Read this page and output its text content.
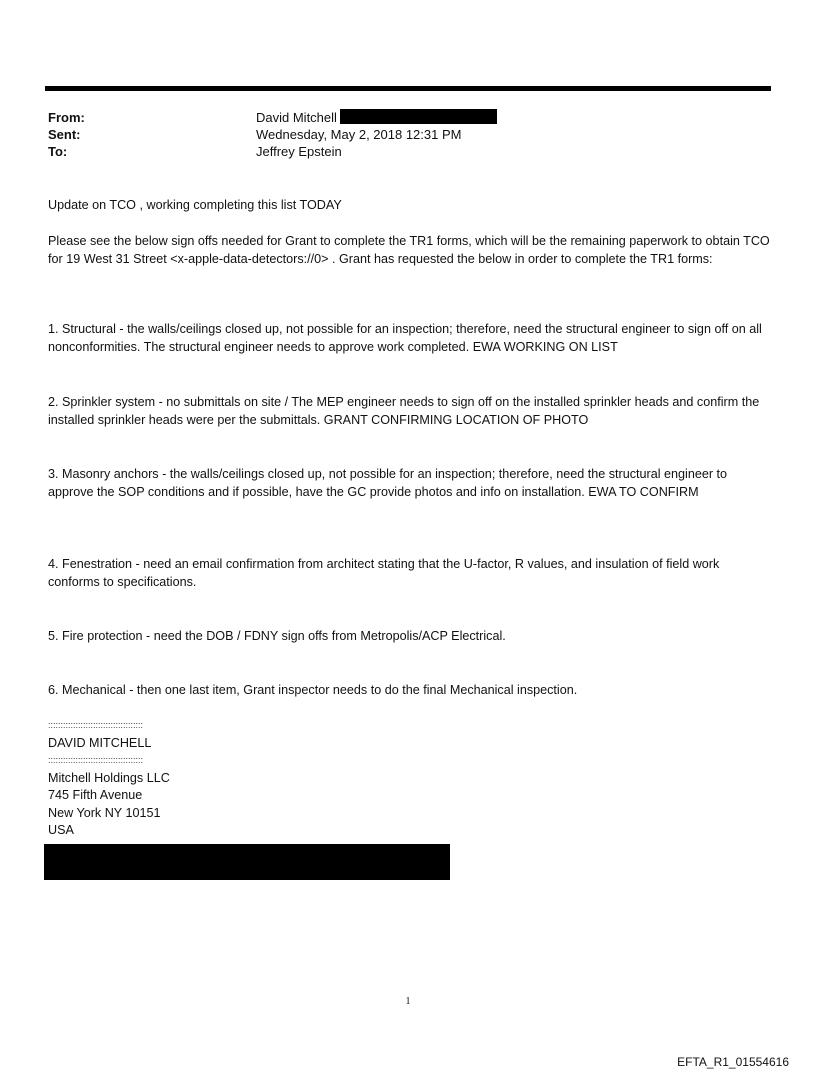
From:	David Mitchell
Sent:	Wednesday, May 2, 2018 12:31 PM
To:	Jeffrey Epstein

Update on TCO , working completing this list TODAY

Please see the below sign offs needed for Grant to complete the TR1 forms, which will be the remaining paperwork to obtain TCO for 19 West 31 Street <x-apple-data-detectors://0> . Grant has requested the below in order to complete the TR1 forms:

1. Structural - the walls/ceilings closed up, not possible for an inspection; therefore, need the structural engineer to sign off on all nonconformities. The structural engineer needs to approve work completed. EWA WORKING ON LIST

2. Sprinkler system - no submittals on site / The MEP engineer needs to sign off on the installed sprinkler heads and confirm the installed sprinkler heads were per the submittals. GRANT CONFIRMING LOCATION OF PHOTO

3. Masonry anchors - the walls/ceilings closed up, not possible for an inspection; therefore, need the structural engineer to approve the SOP conditions and if possible, have the GC provide photos and info on installation. EWA TO CONFIRM

4. Fenestration - need an email confirmation from architect stating that the U-factor, R values, and insulation of field work conforms to specifications.

5. Fire protection - need the DOB / FDNY sign offs from Metropolis/ACP Electrical.

6. Mechanical - then one last item, Grant inspector needs to do the final Mechanical inspection.

::::::::::::::::::::::::::::::::::::::
DAVID MITCHELL
::::::::::::::::::::::::::::::::::::::
Mitchell Holdings LLC
745 Fifth Avenue
New York NY 10151
USA
1
EFTA_R1_01554616
